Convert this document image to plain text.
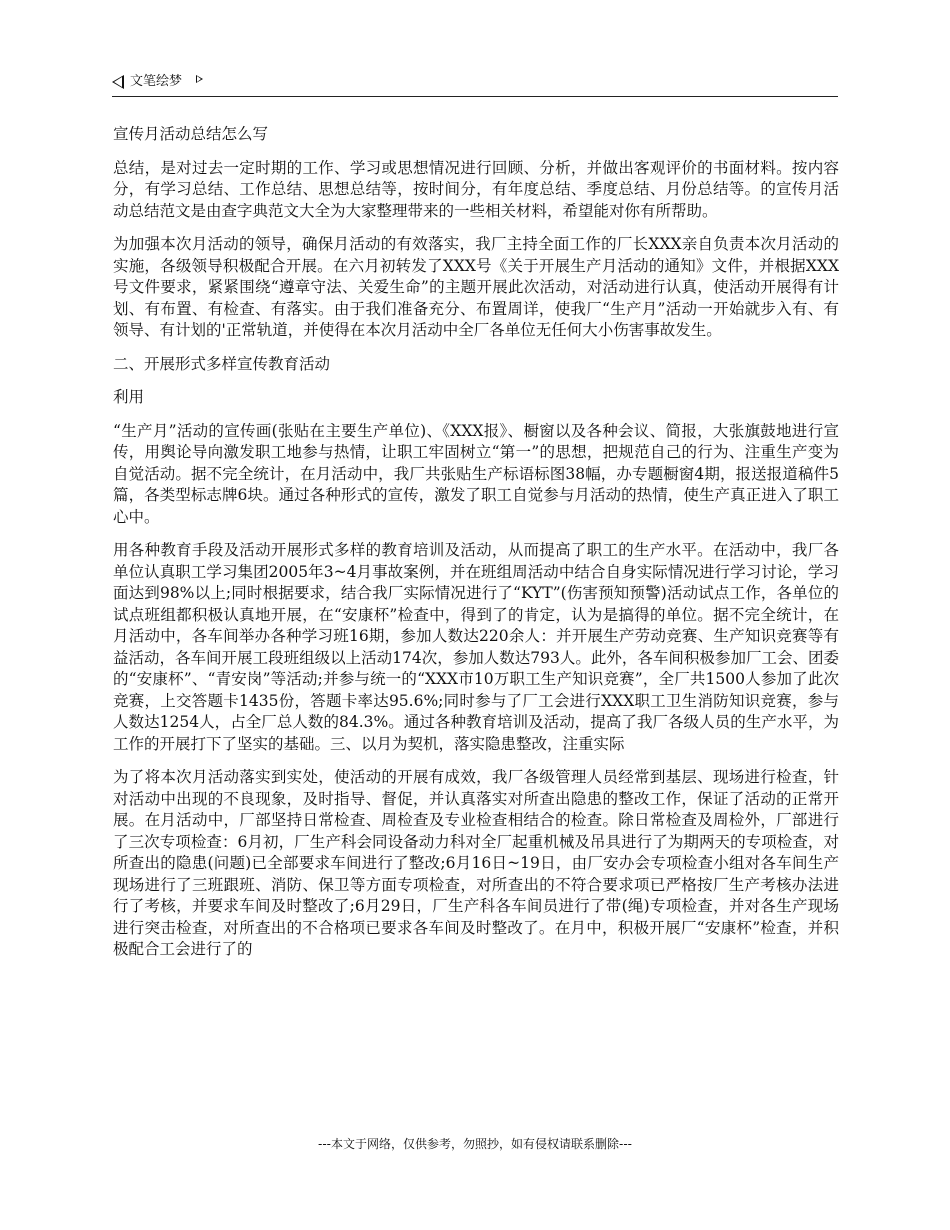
文笔绘梦

宣传月活动总结怎么写

总结，是对过去一定时期的工作、学习或思想情况进行回顾、分析，并做出客观评价的书面材料。按内容分，有学习总结、工作总结、思想总结等，按时间分，有年度总结、季度总结、月份总结等。的宣传月活动总结范文是由查字典范文大全为大家整理带来的一些相关材料，希望能对你有所帮助。

为加强本次月活动的领导，确保月活动的有效落实，我厂主持全面工作的厂长XXX亲自负责本次月活动的实施，各级领导积极配合开展。在六月初转发了XXX号《关于开展生产月活动的通知》文件，并根据XXX号文件要求，紧紧围绕“遵章守法、关爱生命”的主题开展此次活动，对活动进行认真，使活动开展得有计划、有布置、有检查、有落实。由于我们准备充分、布置周详，使我厂“生产月”活动一开始就步入有、有领导、有计划的'正常轨道，并使得在本次月活动中全厂各单位无任何大小伤害事故发生。

二、开展形式多样宣传教育活动

利用

“生产月”活动的宣传画(张贴在主要生产单位)、《XXX报》、橱窗以及各种会议、简报，大张旗鼓地进行宣传，用舆论导向激发职工地参与热情，让职工牢固树立“第一”的思想，把规范自己的行为、注重生产变为自觉活动。据不完全统计，在月活动中，我厂共张贴生产标语标图38幅，办专题橱窗4期，报送报道稿件5篇，各类型标志牌6块。通过各种形式的宣传，激发了职工自觉参与月活动的热情，使生产真正进入了职工心中。

用各种教育手段及活动开展形式多样的教育培训及活动，从而提高了职工的生产水平。在活动中，我厂各单位认真职工学习集团2005年3~4月事故案例，并在班组周活动中结合自身实际情况进行学习讨论，学习面达到98%以上;同时根据要求，结合我厂实际情况进行了“KYT”(伤害预知预警)活动试点工作，各单位的试点班组都积极认真地开展，在“安康杯”检查中，得到了的肯定，认为是搞得的单位。据不完全统计，在月活动中，各车间举办各种学习班16期，参加人数达220余人：并开展生产劳动竞赛、生产知识竞赛等有益活动，各车间开展工段班组级以上活动174次，参加人数达793人。此外，各车间积极参加厂工会、团委的“安康杯”、“青安岗”等活动;并参与统一的“XXX市10万职工生产知识竞赛”，全厂共1500人参加了此次竞赛，上交答题卡1435份，答题卡率达95.6%;同时参与了厂工会进行XXX职工卫生消防知识竞赛，参与人数达1254人，占全厂总人数的84.3%。通过各种教育培训及活动，提高了我厂各级人员的生产水平，为工作的开展打下了坚实的基础。三、以月为契机，落实隐患整改，注重实际

为了将本次月活动落实到实处，使活动的开展有成效，我厂各级管理人员经常到基层、现场进行检查，针对活动中出现的不良现象，及时指导、督促，并认真落实对所查出隐患的整改工作，保证了活动的正常开展。在月活动中，厂部坚持日常检查、周检查及专业检查相结合的检查。除日常检查及周检外，厂部进行了三次专项检查：6月初，厂生产科会同设备动力科对全厂起重机械及吊具进行了为期两天的专项检查，对所查出的隐患(问题)已全部要求车间进行了整改;6月16日~19日，由厂安办会专项检查小组对各车间生产现场进行了三班跟班、消防、保卫等方面专项检查，对所查出的不符合要求项已严格按厂生产考核办法进行了考核，并要求车间及时整改了;6月29日，厂生产科各车间员进行了带(绳)专项检查，并对各生产现场进行突击检查，对所查出的不合格项已要求各车间及时整改了。在月中，积极开展厂“安康杯”检查，并积极配合工会进行了的

---本文于网络，仅供参考，勿照抄，如有侵权请联系删除---
